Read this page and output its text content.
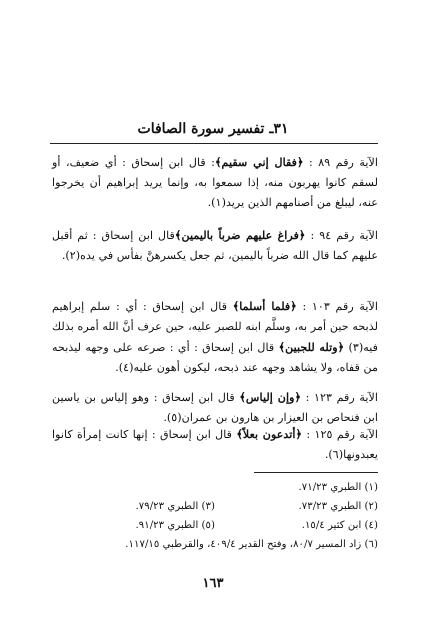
٣١ـ تفسير سورة الصافات
الآية رقم ٨٩ : ﴿فقال إني سقيم﴾: قال ابن إسحاق : أي ضعيف، أو لسقم كانوا يهربون منه، إذا سمعوا به، وإنما يريد إبراهيم أن يخرجوا عنه، ليبلغ من أصنامهم الذين يريد(١).
الآية رقم ٩٤ : ﴿فراغ عليهم ضرباً باليمين﴾قال ابن إسحاق : ثم أقبل عليهم كما قال الله ضرباً باليمين، ثم جعل يكسرهنَّ بفأس في يده(٢).
الآية رقم ١٠٣ : ﴿فلما أسلما﴾ قال ابن إسحاق : أي : سلم إبراهيم لذبحه حين أمر به، وسلَّم ابنه للصبر عليه، حين عرف أنَّ الله أمره بذلك فيه(٣) ﴿وتله للجبين﴾ قال ابن إسحاق : أي : صرعه على وجهه ليذبحه من قفاه، ولا يشاهد وجهه عند ذبحه، ليكون أهون عليه(٤).
الآية رقم ١٢٣ : ﴿وإن إلياس﴾ قال ابن إسحاق : وهو إلياس بن ياسين ابن فنحاص بن العيزار بن هارون بن عمران(٥).
الآية رقم ١٢٥ : ﴿أتدعون بعلاً﴾ قال ابن إسحاق : إنها كانت إمرأة كانوا يعبدونها(٦).
(١) الطبري ٧١/٢٣.
(٢) الطبري ٧٣/٢٣.
(٣) الطبري ٧٩/٢٣.
(٤) ابن كثير ١٥/٤.
(٥) الطبري ٩١/٢٣.
(٦) زاد المسير ٨٠/٧، وفتح القدير ٤٠٩/٤، والقرطبي ١١٧/١٥.
١٦٣
